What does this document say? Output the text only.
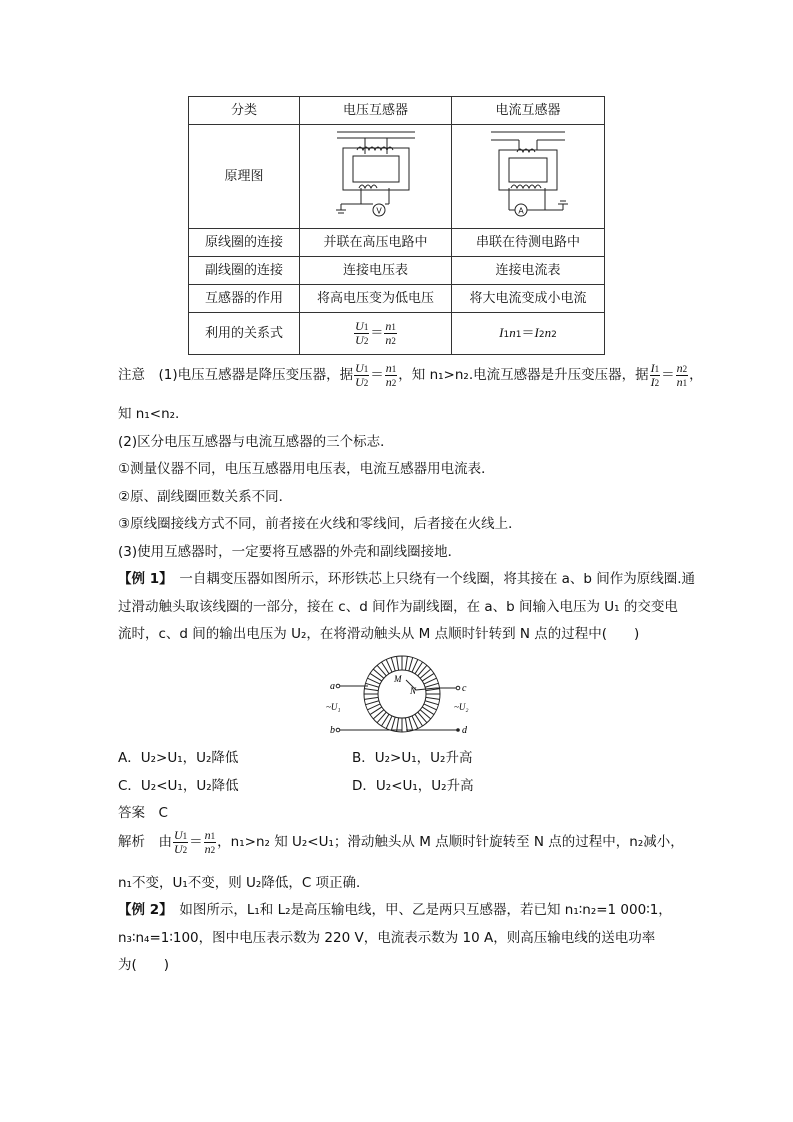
分类	电压互感器	电流互感器
原理图	V	A

原线圈的连接	并联在高压电路中	串联在待测电路中
副线圈的连接	连接电压表	连接电流表
互感器的作用	将高电压变为低电压	将大电流变成小电流
利用的关系式	$\frac{U1}{U2} = \frac{n1}{n2}$	I1n1＝I2n2
注意　(1)电压互感器是降压变压器，据 $\frac{U1}{U2} = \frac{n1}{n2}$ ，知 n₁>n₂.电流互感器是升压变压器，据 $\frac{I1}{I2} = \frac{n2}{n1}$ ，
知 n₁<n₂.
(2)区分电压互感器与电流互感器的三个标志．
①测量仪器不同，电压互感器用电压表，电流互感器用电流表．
②原、副线圈匝数关系不同．
③原线圈接线方式不同，前者接在火线和零线间，后者接在火线上．
(3)使用互感器时，一定要将互感器的外壳和副线圈接地．
【例 1】　一自耦变压器如图所示，环形铁芯上只绕有一个线圈，将其接在 a、b 间作为原线圈.通
过滑动触头取该线圈的一部分，接在 c、d 间作为副线圈，在 a、b 间输入电压为 U₁ 的交变电
流时，c、d 间的输出电压为 U₂，在将滑动触头从 M 点顺时针转到 N 点的过程中(　　)
a
b
c
d
~U₁	~U₂
M
N
A．U₂>U₁，U₂降低	B．U₂>U₁，U₂升高
C．U₂<U₁，U₂降低	D．U₂<U₁，U₂升高
答案　C
解析　由 $\frac{U1}{U2} = \frac{n1}{n2}$ ，n₁>n₂ 知 U₂<U₁；滑动触头从 M 点顺时针旋转至 N 点的过程中，n₂减小，
n₁不变，U₁不变，则 U₂降低，C 项正确．
【例 2】　如图所示，L₁和 L₂是高压输电线，甲、乙是两只互感器，若已知 n₁∶n₂=1 000∶1，
n₃∶n₄=1∶100，图中电压表示数为 220 V，电流表示数为 10 A，则高压输电线的送电功率
为(　　)
